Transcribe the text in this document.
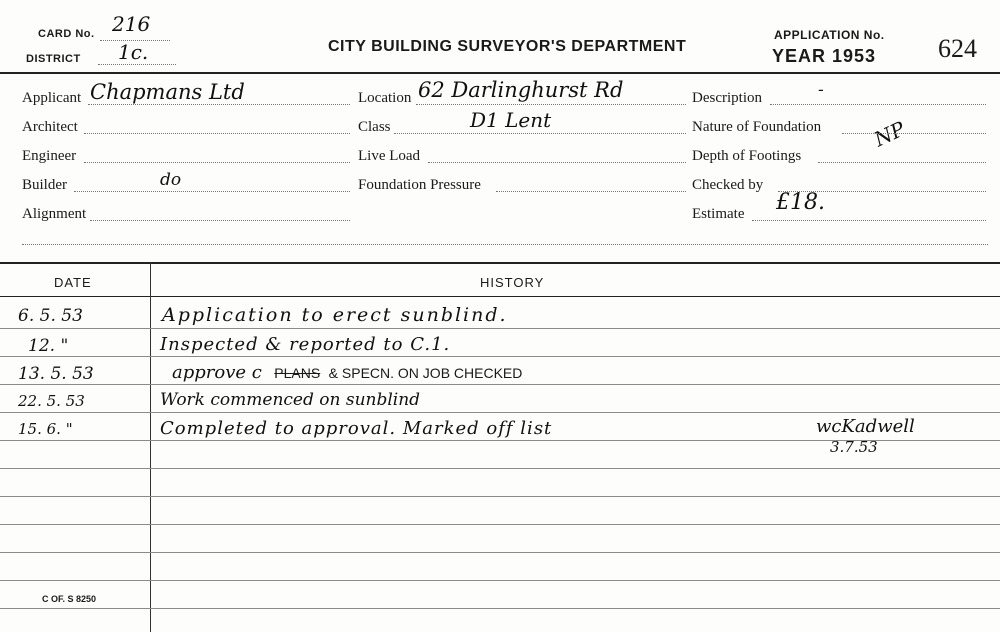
CARD No. 216
DISTRICT 1c.	CITY BUILDING SURVEYOR'S DEPARTMENT
APPLICATION No.
YEAR 1953 624
Applicant Chapmans Ltd
Architect
Engineer
Builder	do
Alignment
Location 62 Darlinghurst Rd
Class	D1 Lent
Live Load
Foundation Pressure
Description	-
Nature of Foundation NP
Depth of Footings
Checked by
Estimate £18.
DATE	HISTORY
6. 5. 53	Application to erect sunblind.
12. "	Inspected & reported to C.1.
13. 5. 53	approve c PLANS & SPECN. ON JOB CHECKED
22. 5. 53	Work commenced on sunblind
15. 6. "	Completed to approval. Marked off list	wcKadwell
3.7.53
C OF. S 8250
